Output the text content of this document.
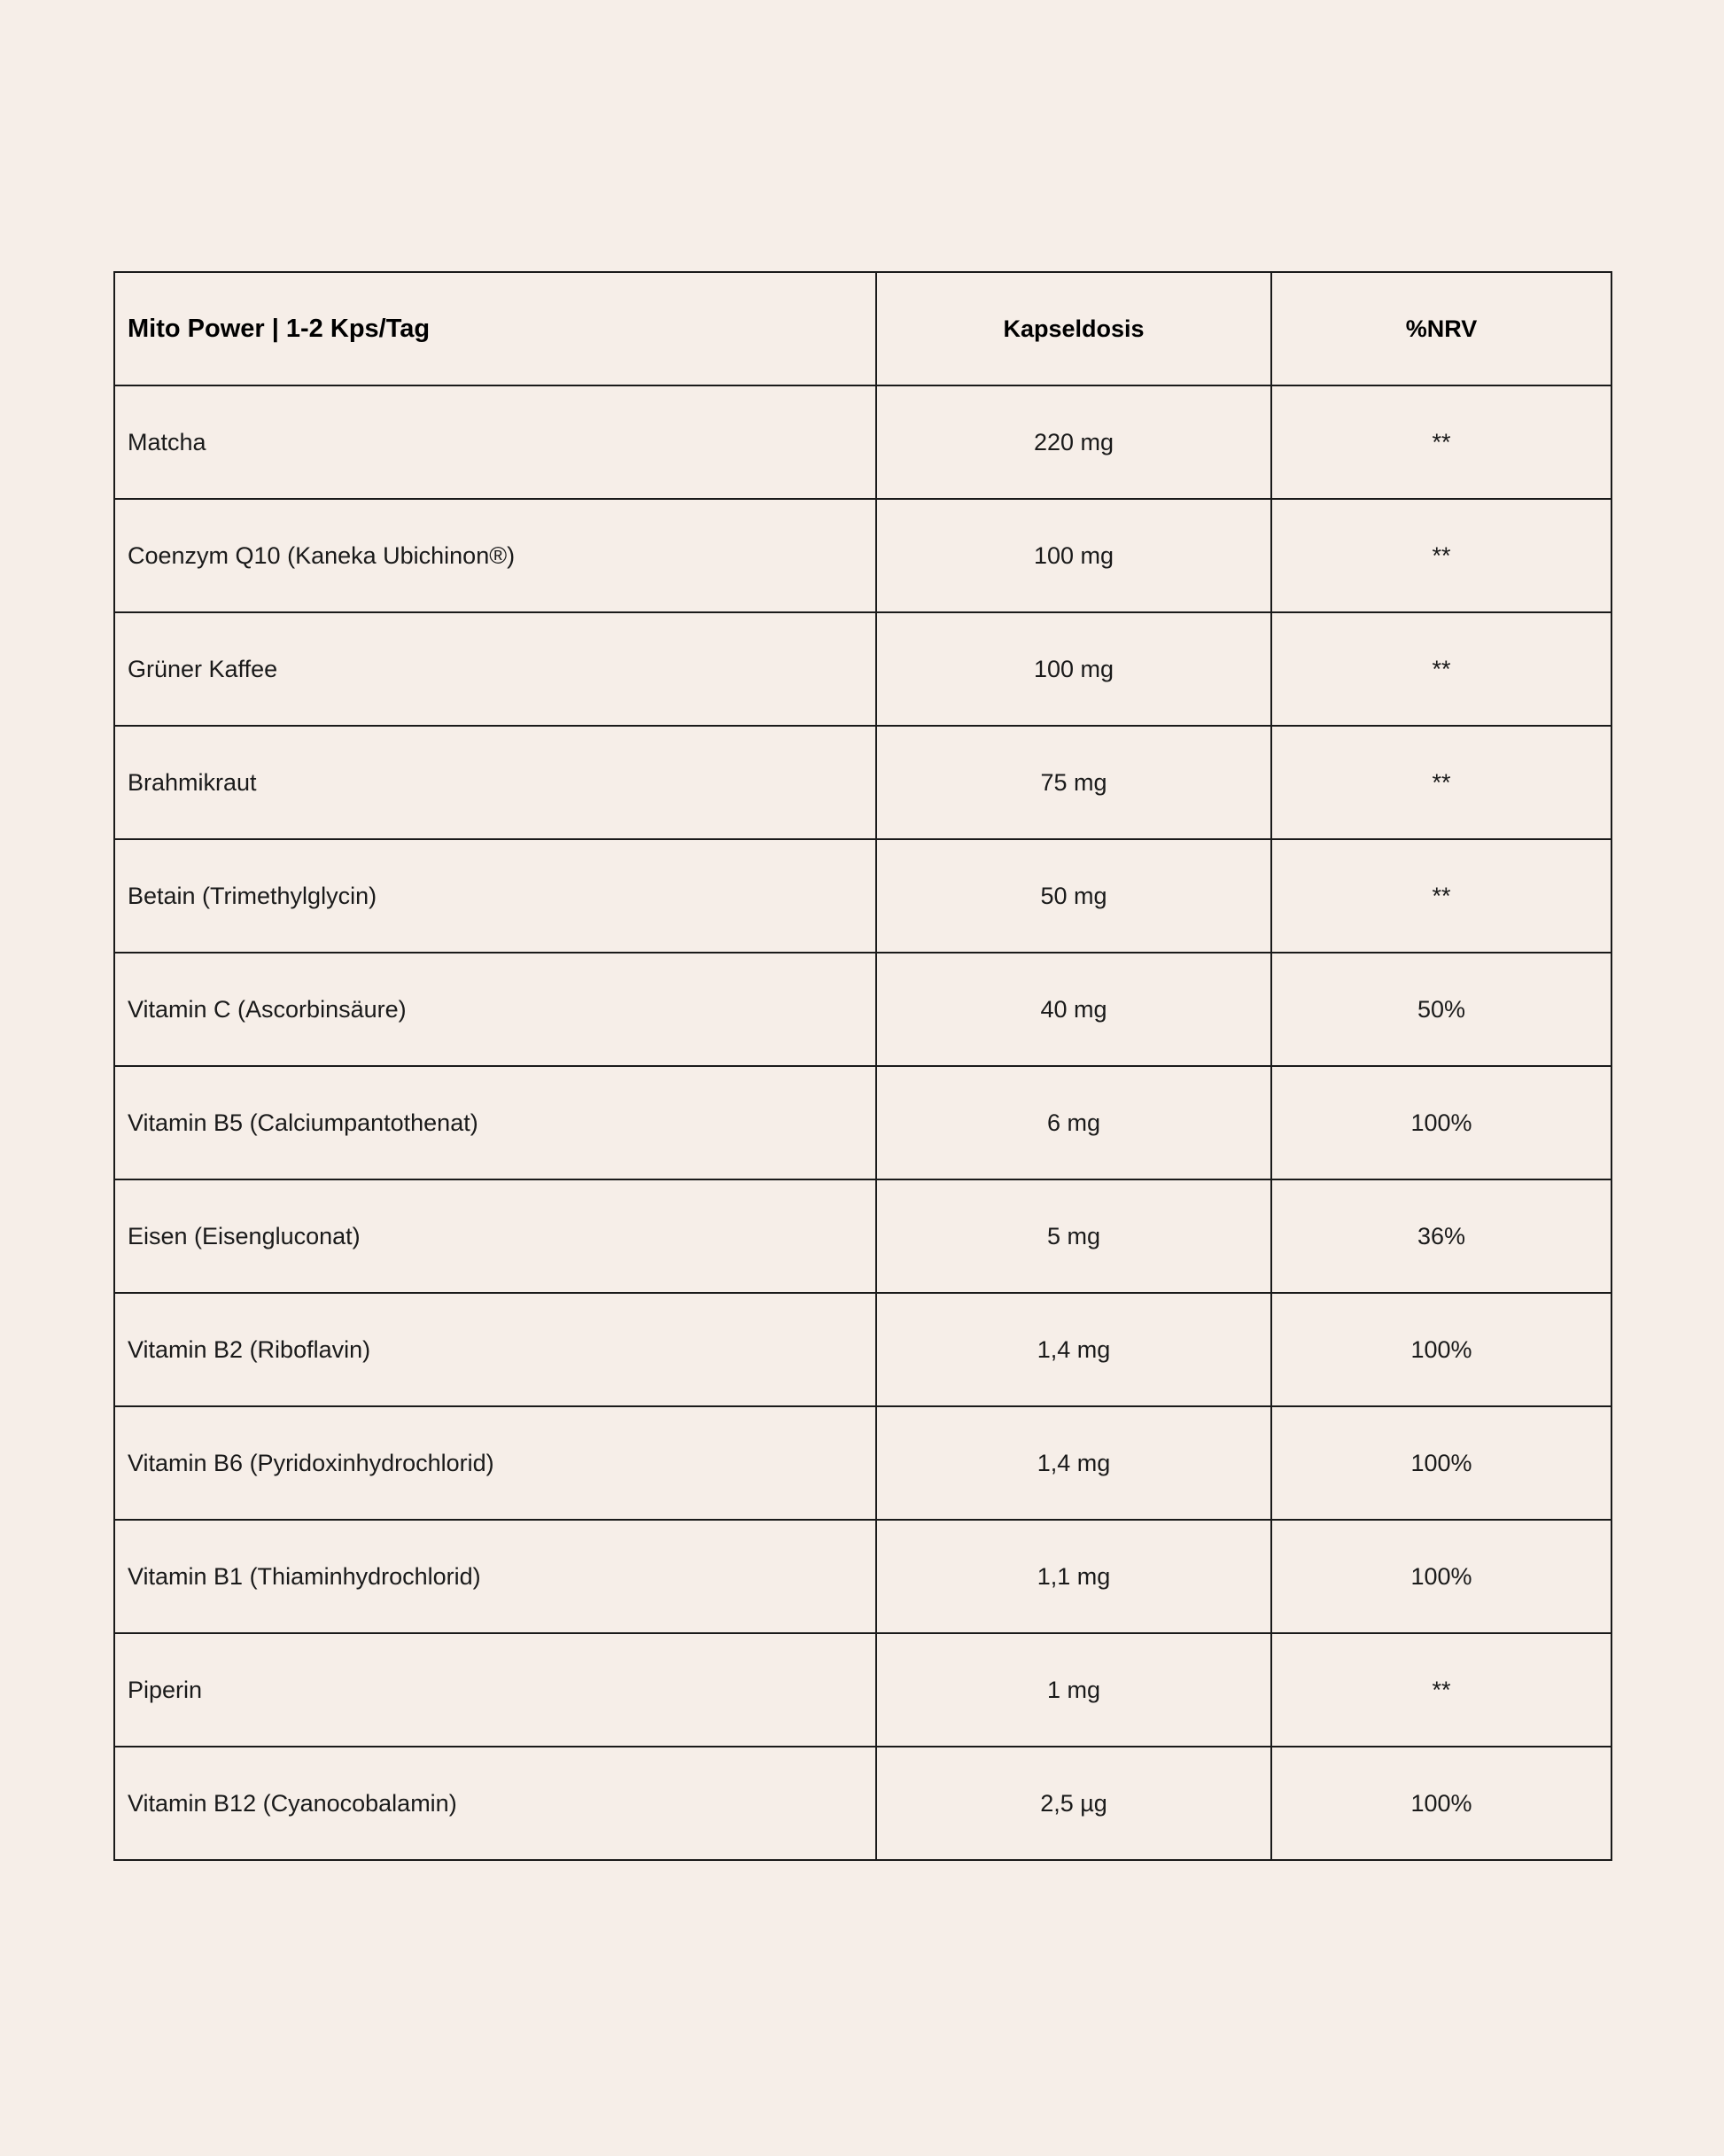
Mito Power | 1-2 Kps/Tag	Kapseldosis	%NRV
Matcha	220 mg	**
Coenzym Q10 (Kaneka Ubichinon®)	100 mg	**
Grüner Kaffee	100 mg	**
Brahmikraut	75 mg	**
Betain (Trimethylglycin)	50 mg	**
Vitamin C (Ascorbinsäure)	40 mg	50%
Vitamin B5 (Calciumpantothenat)	6 mg	100%
Eisen (Eisengluconat)	5 mg	36%
Vitamin B2 (Riboflavin)	1,4 mg	100%
Vitamin B6 (Pyridoxinhydrochlorid)	1,4 mg	100%
Vitamin B1 (Thiaminhydrochlorid)	1,1 mg	100%
Piperin	1 mg	**
Vitamin B12 (Cyanocobalamin)	2,5 µg	100%
